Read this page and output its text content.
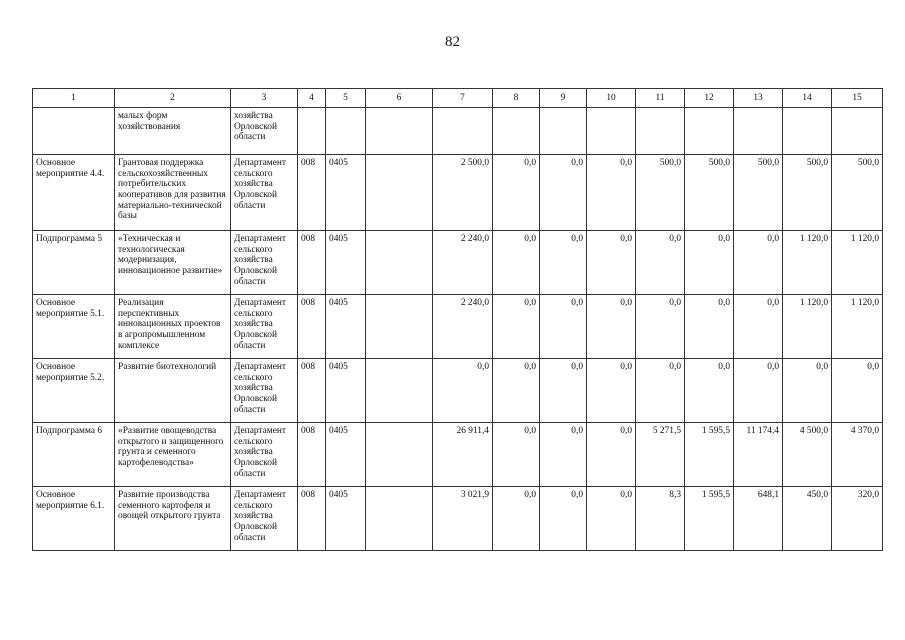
82
1	2	3	4	5	6	7	8	9	10	11	12	13	14	15
	малых форм хозяйствования	хозяйства Орловской области												
Основное мероприятие 4.4.	Грантовая поддержка сельскохозяйственных потребительских кооперативов для развития материально-технической базы	Департамент сельского хозяйства Орловской области	008	0405		2 500,0	0,0	0,0	0,0	500,0	500,0	500,0	500,0	500,0
Подпрограмма 5	«Техническая и технологическая модернизация, инновационное развитие»	Департамент сельского хозяйства Орловской области	008	0405		2 240,0	0,0	0,0	0,0	0,0	0,0	0,0	1 120,0	1 120,0
Основное мероприятие 5.1.	Реализация перспективных инновационных проектов в агропромышленном комплексе	Департамент сельского хозяйства Орловской области	008	0405		2 240,0	0,0	0,0	0,0	0,0	0,0	0,0	1 120,0	1 120,0
Основное мероприятие 5.2.	Развитие биотехнологий	Департамент сельского хозяйства Орловской области	008	0405		0,0	0,0	0,0	0,0	0,0	0,0	0,0	0,0	0,0
Подпрограмма 6	«Развитие овощеводства открытого и защищенного грунта и семенного картофелеводства»	Департамент сельского хозяйства Орловской области	008	0405		26 911,4	0,0	0,0	0,0	5 271,5	1 595,5	11 174,4	4 500,0	4 370,0
Основное мероприятие 6.1.	Развитие производства семенного картофеля и овощей открытого грунта	Департамент сельского хозяйства Орловской области	008	0405		3 021,9	0,0	0,0	0,0	8,3	1 595,5	648,1	450,0	320,0
